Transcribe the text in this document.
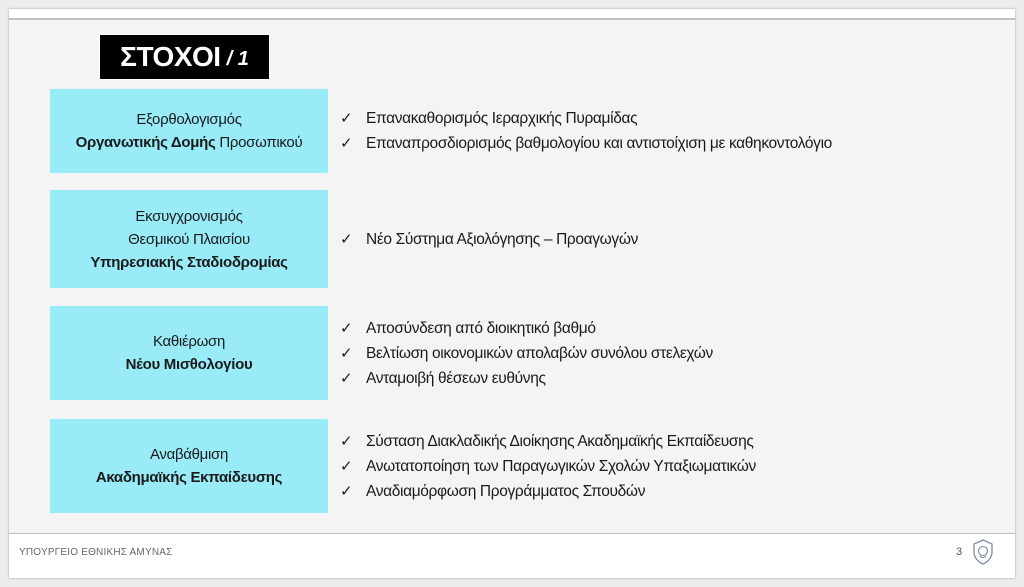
ΣΤΟΧΟΙ / 1
Εξορθολογισμός
Οργανωτικής Δομής Προσωπικού
✓ Επανακαθορισμός Ιεραρχικής Πυραμίδας
✓ Επαναπροσδιορισμός βαθμολογίου και αντιστοίχιση με καθηκοντολόγιο
Εκσυγχρονισμός
Θεσμικού Πλαισίου
Υπηρεσιακής Σταδιοδρομίας
✓ Νέο Σύστημα Αξιολόγησης – Προαγωγών
Καθιέρωση
Νέου Μισθολογίου
✓ Αποσύνδεση από διοικητικό βαθμό
✓ Βελτίωση οικονομικών απολαβών συνόλου στελεχών
✓ Ανταμοιβή θέσεων ευθύνης
Αναβάθμιση
Ακαδημαϊκής Εκπαίδευσης
✓ Σύσταση Διακλαδικής Διοίκησης Ακαδημαϊκής Εκπαίδευσης
✓ Ανωτατοποίηση των Παραγωγικών Σχολών Υπαξιωματικών
✓ Αναδιαμόρφωση Προγράμματος Σπουδών
ΥΠΟΥΡΓΕΙΟ ΕΘΝΙΚΗΣ ΑΜΥΝΑΣ	3
